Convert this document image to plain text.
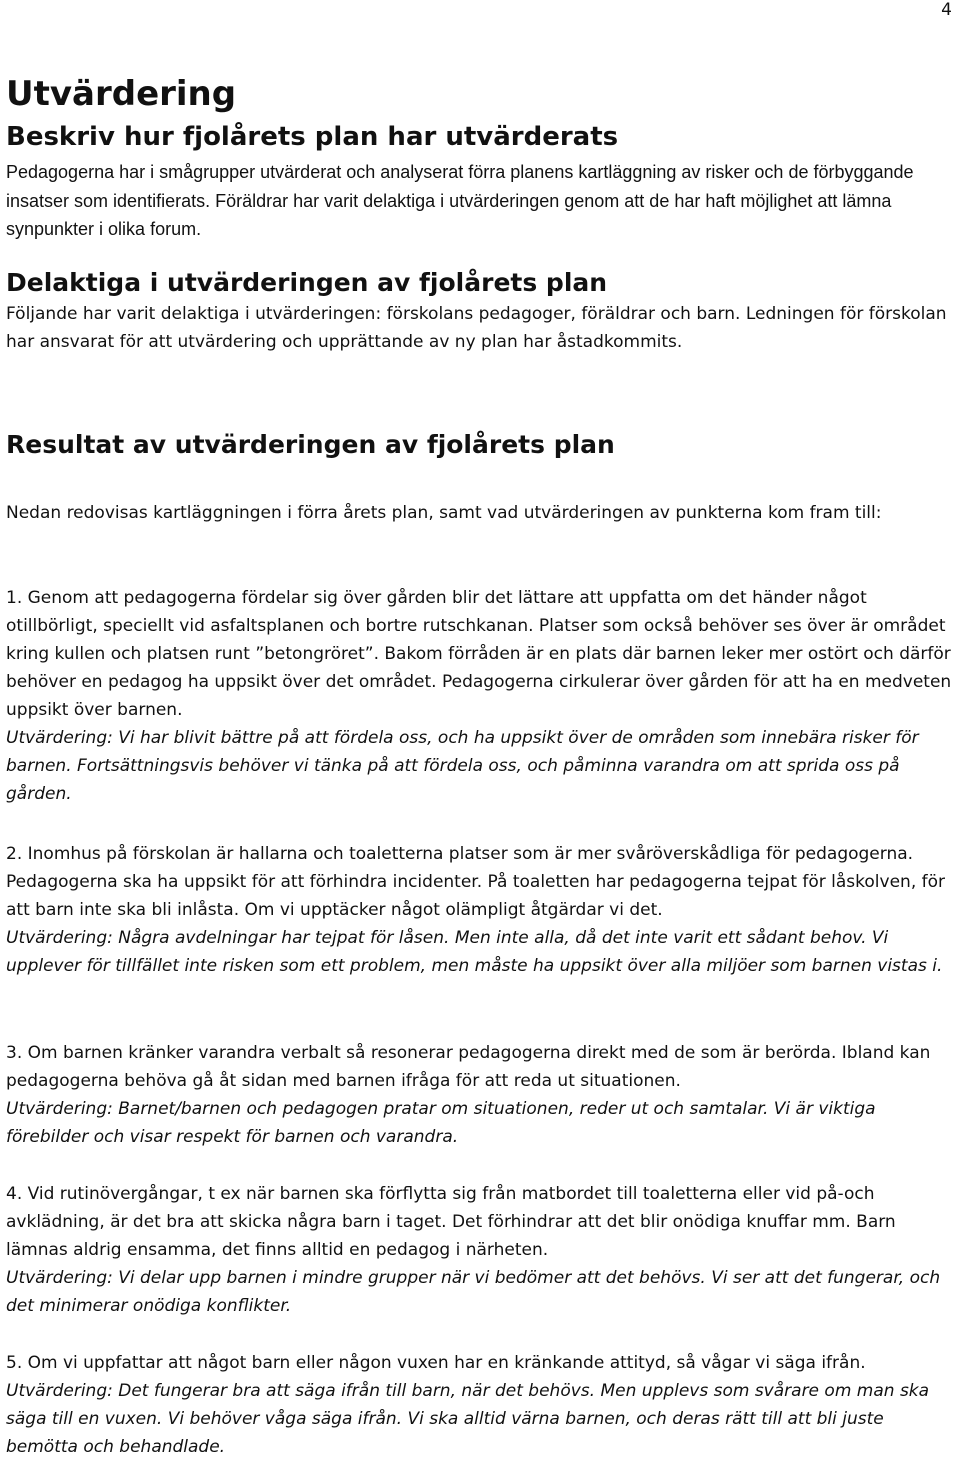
4
Utvärdering
Beskriv hur fjolårets plan har utvärderats

Pedagogerna har i smågrupper utvärderat och analyserat förra planens kartläggning av risker och de förbyggande insatser som identifierats. Föräldrar har varit delaktiga i utvärderingen genom att de har haft möjlighet att lämna synpunkter i olika forum.

Delaktiga i utvärderingen av fjolårets plan

Följande har varit delaktiga i utvärderingen: förskolans pedagoger, föräldrar och barn. Ledningen för förskolan har ansvarat för att utvärdering och upprättande av ny plan har åstadkommits.

Resultat av utvärderingen av fjolårets plan

Nedan redovisas kartläggningen i förra årets plan, samt vad utvärderingen av punkterna kom fram till:

1. Genom att pedagogerna fördelar sig över gården blir det lättare att uppfatta om det händer något otillbörligt, speciellt vid asfaltsplanen och bortre rutschkanan. Platser som också behöver ses över är området kring kullen och platsen runt ”betongröret”. Bakom förråden är en plats där barnen leker mer ostört och därför behöver en pedagog ha uppsikt över det området. Pedagogerna cirkulerar över gården för att ha en medveten uppsikt över barnen.
Utvärdering: Vi har blivit bättre på att fördela oss, och ha uppsikt över de områden som innebära risker för barnen. Fortsättningsvis behöver vi tänka på att fördela oss, och påminna varandra om att sprida oss på gården.

2. Inomhus på förskolan är hallarna och toaletterna platser som är mer svåröverskådliga för pedagogerna. Pedagogerna ska ha uppsikt för att förhindra incidenter. På toaletten har pedagogerna tejpat för låskolven, för att barn inte ska bli inlåsta. Om vi upptäcker något olämpligt åtgärdar vi det.
Utvärdering: Några avdelningar har tejpat för låsen. Men inte alla, då det inte varit ett sådant behov. Vi upplever för tillfället inte risken som ett problem, men måste ha uppsikt över alla miljöer som barnen vistas i.

3. Om barnen kränker varandra verbalt så resonerar pedagogerna direkt med de som är berörda. Ibland kan pedagogerna behöva gå åt sidan med barnen ifråga för att reda ut situationen.
Utvärdering: Barnet/barnen och pedagogen pratar om situationen, reder ut och samtalar. Vi är viktiga förebilder och visar respekt för barnen och varandra.

4. Vid rutinövergångar, t ex när barnen ska förflytta sig från matbordet till toaletterna eller vid på-och avklädning, är det bra att skicka några barn i taget. Det förhindrar att det blir onödiga knuffar mm. Barn lämnas aldrig ensamma, det finns alltid en pedagog i närheten.
Utvärdering: Vi delar upp barnen i mindre grupper när vi bedömer att det behövs. Vi ser att det fungerar, och det minimerar onödiga konflikter.

5. Om vi uppfattar att något barn eller någon vuxen har en kränkande attityd, så vågar vi säga ifrån.
Utvärdering: Det fungerar bra att säga ifrån till barn, när det behövs. Men upplevs som svårare om man ska säga till en vuxen. Vi behöver våga säga ifrån. Vi ska alltid värna barnen, och deras rätt till att bli juste bemötta och behandlade.
